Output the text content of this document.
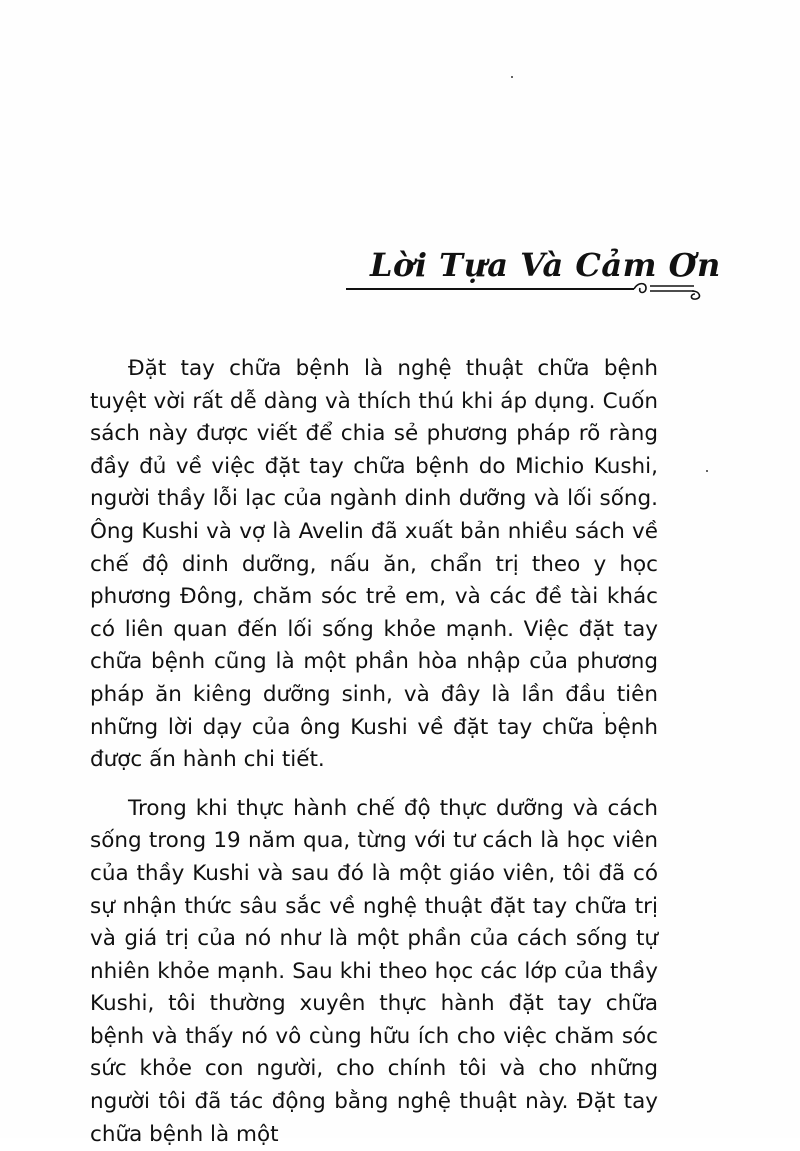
Lời Tựa Và Cảm Ơn

Đặt tay chữa bệnh là nghệ thuật chữa bệnh tuyệt vời rất dễ dàng và thích thú khi áp dụng. Cuốn sách này được viết để chia sẻ phương pháp rõ ràng đầy đủ về việc đặt tay chữa bệnh do Michio Kushi, người thầy lỗi lạc của ngành dinh dưỡng và lối sống. Ông Kushi và vợ là Avelin đã xuất bản nhiều sách về chế độ dinh dưỡng, nấu ăn, chẩn trị theo y học phương Đông, chăm sóc trẻ em, và các đề tài khác có liên quan đến lối sống khỏe mạnh. Việc đặt tay chữa bệnh cũng là một phần hòa nhập của phương pháp ăn kiêng dưỡng sinh, và đây là lần đầu tiên những lời dạy của ông Kushi về đặt tay chữa bệnh được ấn hành chi tiết.

Trong khi thực hành chế độ thực dưỡng và cách sống trong 19 năm qua, từng với tư cách là học viên của thầy Kushi và sau đó là một giáo viên, tôi đã có sự nhận thức sâu sắc về nghệ thuật đặt tay chữa trị và giá trị của nó như là một phần của cách sống tự nhiên khỏe mạnh. Sau khi theo học các lớp của thầy Kushi, tôi thường xuyên thực hành đặt tay chữa bệnh và thấy nó vô cùng hữu ích cho việc chăm sóc sức khỏe con người, cho chính tôi và cho những người tôi đã tác động bằng nghệ thuật này. Đặt tay chữa bệnh là một
